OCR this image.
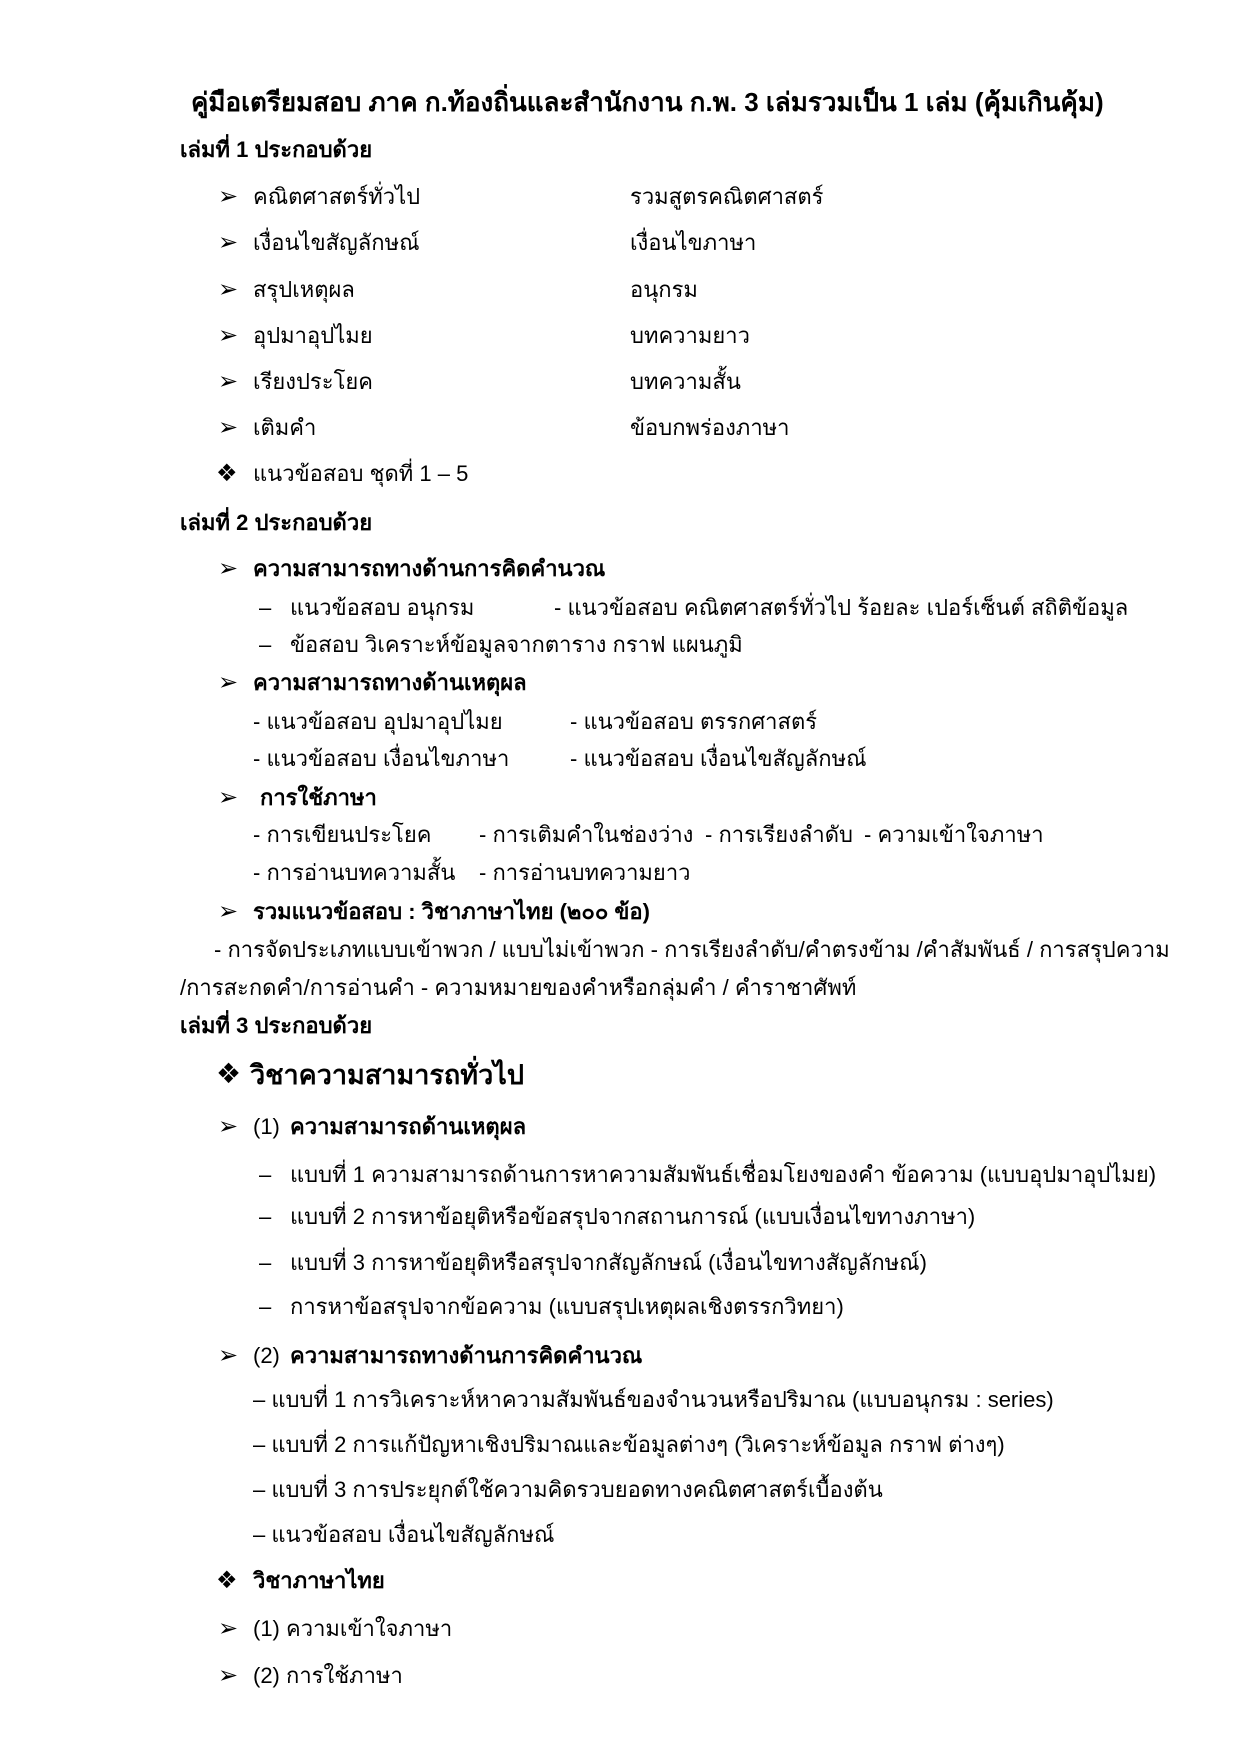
คู่มือเตรียมสอบ ภาค ก.ท้องถิ่นและสำนักงาน ก.พ. 3 เล่มรวมเป็น 1 เล่ม (คุ้มเกินคุ้ม)
เล่มที่ 1 ประกอบด้วย
➢ คณิตศาสตร์ทั่วไป	รวมสูตรคณิตศาสตร์
➢ เงื่อนไขสัญลักษณ์	เงื่อนไขภาษา
➢ สรุปเหตุผล	อนุกรม
➢ อุปมาอุปไมย	บทความยาว
➢ เรียงประโยค	บทความสั้น
➢ เติมคำ	ข้อบกพร่องภาษา
❖ แนวข้อสอบ ชุดที่ 1 – 5
เล่มที่ 2 ประกอบด้วย
➢ ความสามารถทางด้านการคิดคำนวณ
– แนวข้อสอบ อนุกรม	- แนวข้อสอบ คณิตศาสตร์ทั่วไป ร้อยละ เปอร์เซ็นต์ สถิติข้อมูล
– ข้อสอบ วิเคราะห์ข้อมูลจากตาราง กราฟ แผนภูมิ
➢ ความสามารถทางด้านเหตุผล
- แนวข้อสอบ อุปมาอุปไมย	- แนวข้อสอบ ตรรกศาสตร์
- แนวข้อสอบ เงื่อนไขภาษา	- แนวข้อสอบ เงื่อนไขสัญลักษณ์
➢ การใช้ภาษา
- การเขียนประโยค - การเติมคำในช่องว่าง - การเรียงลำดับ - ความเข้าใจภาษา
- การอ่านบทความสั้น - การอ่านบทความยาว
➢ รวมแนวข้อสอบ : วิชาภาษาไทย (๒๐๐ ข้อ)
- การจัดประเภทแบบเข้าพวก / แบบไม่เข้าพวก - การเรียงลำดับ/คำตรงข้าม /คำสัมพันธ์ / การสรุปความ
/การสะกดคำ/การอ่านคำ - ความหมายของคำหรือกลุ่มคำ / คำราชาศัพท์
เล่มที่ 3 ประกอบด้วย
❖ วิชาความสามารถทั่วไป
➢ (1) ความสามารถด้านเหตุผล
– แบบที่ 1 ความสามารถด้านการหาความสัมพันธ์เชื่อมโยงของคำ ข้อความ (แบบอุปมาอุปไมย)
– แบบที่ 2 การหาข้อยุติหรือข้อสรุปจากสถานการณ์ (แบบเงื่อนไขทางภาษา)
– แบบที่ 3 การหาข้อยุติหรือสรุปจากสัญลักษณ์ (เงื่อนไขทางสัญลักษณ์)
– การหาข้อสรุปจากข้อความ (แบบสรุปเหตุผลเชิงตรรกวิทยา)
➢ (2) ความสามารถทางด้านการคิดคำนวณ
– แบบที่ 1 การวิเคราะห์หาความสัมพันธ์ของจำนวนหรือปริมาณ (แบบอนุกรม : series)
– แบบที่ 2 การแก้ปัญหาเชิงปริมาณและข้อมูลต่างๆ (วิเคราะห์ข้อมูล กราฟ ต่างๆ)
– แบบที่ 3 การประยุกต์ใช้ความคิดรวบยอดทางคณิตศาสตร์เบื้องต้น
– แนวข้อสอบ เงื่อนไขสัญลักษณ์
❖ วิชาภาษาไทย
➢ (1) ความเข้าใจภาษา
➢ (2) การใช้ภาษา
